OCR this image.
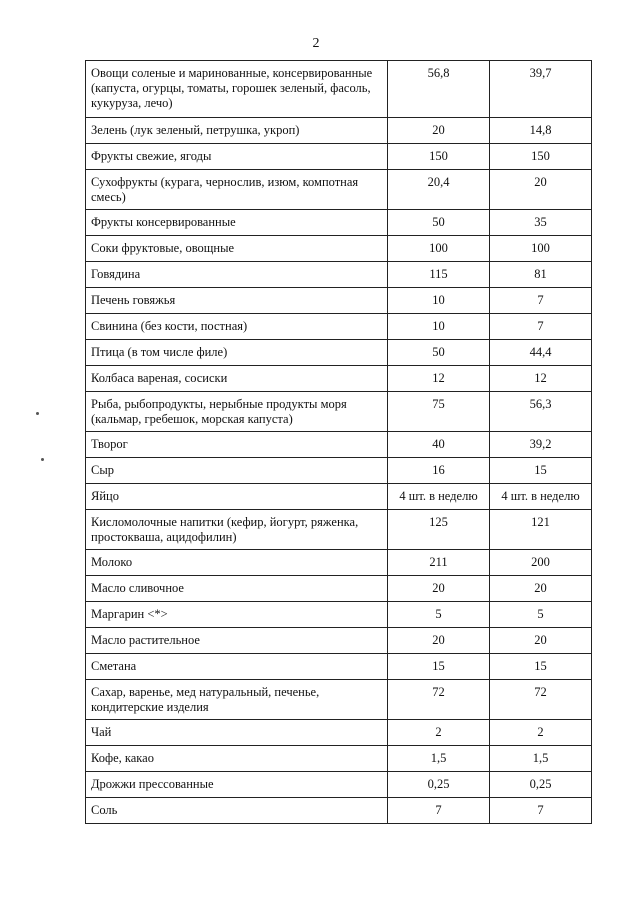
2
Овощи соленые и маринованные, консервированные (капуста, огурцы, томаты, горошек зеленый, фасоль, кукуруза, лечо)	56,8	39,7
Зелень (лук зеленый, петрушка, укроп)	20	14,8
Фрукты свежие, ягоды	150	150
Сухофрукты (курага, чернослив, изюм, компотная смесь)	20,4	20
Фрукты консервированные	50	35
Соки фруктовые, овощные	100	100
Говядина	115	81
Печень говяжья	10	7
Свинина (без кости, постная)	10	7
Птица (в том числе филе)	50	44,4
Колбаса вареная, сосиски	12	12
Рыба, рыбопродукты, нерыбные продукты моря (кальмар, гребешок, морская капуста)	75	56,3
Творог	40	39,2
Сыр	16	15
Яйцо	4 шт. в неделю	4 шт. в неделю
Кисломолочные напитки (кефир, йогурт, ряженка, простокваша, ацидофилин)	125	121
Молоко	211	200
Масло сливочное	20	20
Маргарин <*>	5	5
Масло растительное	20	20
Сметана	15	15
Сахар, варенье, мед натуральный, печенье, кондитерские изделия	72	72
Чай	2	2
Кофе, какао	1,5	1,5
Дрожжи прессованные	0,25	0,25
Соль	7	7
